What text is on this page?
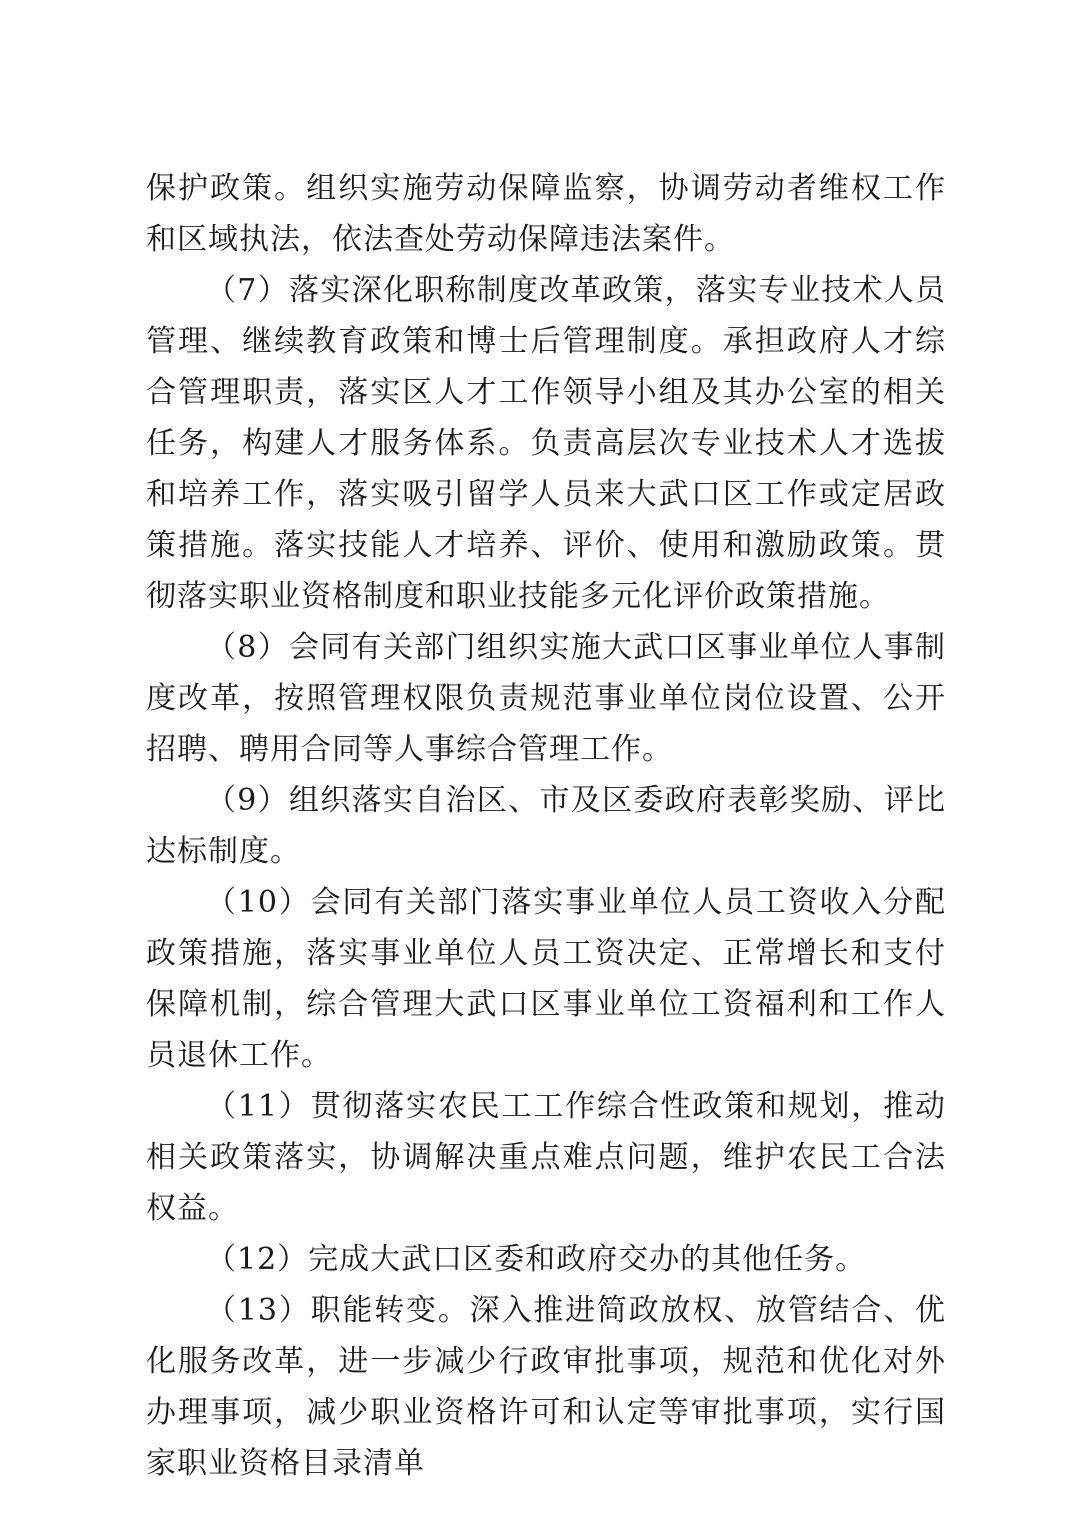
保护政策。组织实施劳动保障监察，协调劳动者维权工作和区域执法，依法查处劳动保障违法案件。

（7）落实深化职称制度改革政策，落实专业技术人员管理、继续教育政策和博士后管理制度。承担政府人才综合管理职责，落实区人才工作领导小组及其办公室的相关任务，构建人才服务体系。负责高层次专业技术人才选拔和培养工作，落实吸引留学人员来大武口区工作或定居政策措施。落实技能人才培养、评价、使用和激励政策。贯彻落实职业资格制度和职业技能多元化评价政策措施。

（8）会同有关部门组织实施大武口区事业单位人事制度改革，按照管理权限负责规范事业单位岗位设置、公开招聘、聘用合同等人事综合管理工作。

（9）组织落实自治区、市及区委政府表彰奖励、评比达标制度。

（10）会同有关部门落实事业单位人员工资收入分配政策措施，落实事业单位人员工资决定、正常增长和支付保障机制，综合管理大武口区事业单位工资福利和工作人员退休工作。

（11）贯彻落实农民工工作综合性政策和规划，推动相关政策落实，协调解决重点难点问题，维护农民工合法权益。

（12）完成大武口区委和政府交办的其他任务。

（13）职能转变。深入推进简政放权、放管结合、优化服务改革，进一步减少行政审批事项，规范和优化对外办理事项，减少职业资格许可和认定等审批事项，实行国家职业资格目录清单
